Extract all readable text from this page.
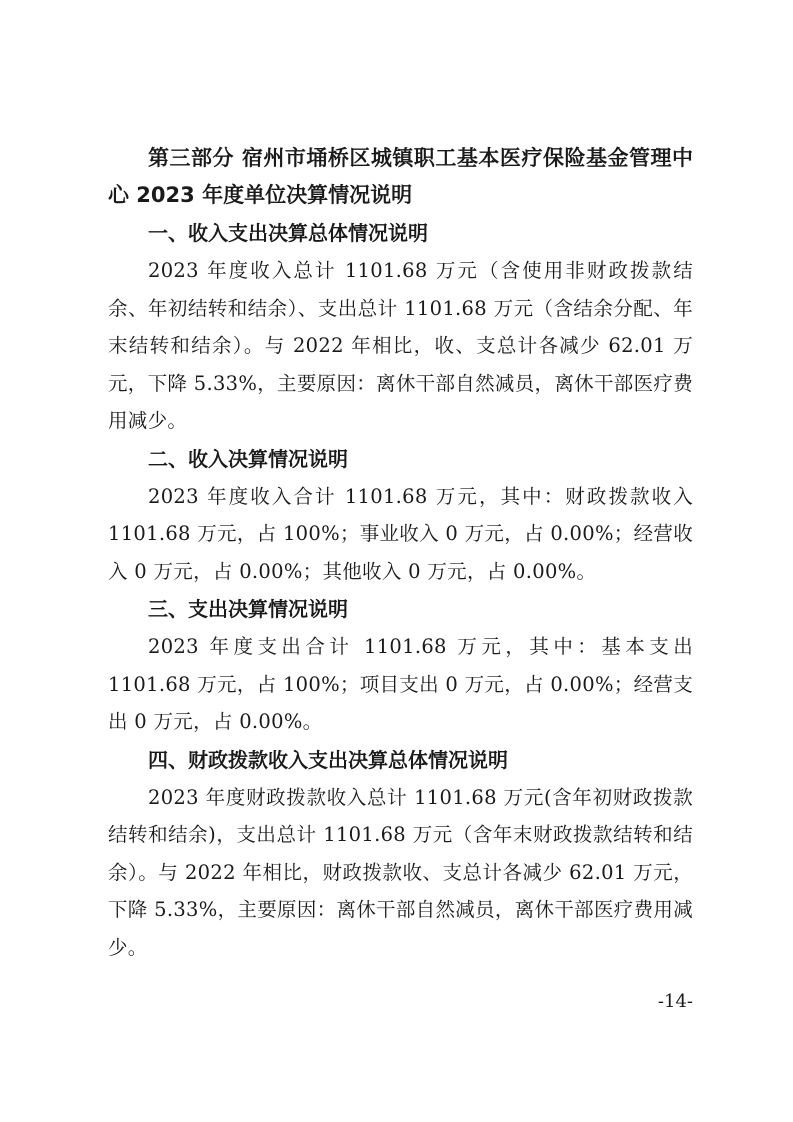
第三部分 宿州市埇桥区城镇职工基本医疗保险基金管理中心 2023 年度单位决算情况说明

一、收入支出决算总体情况说明

2023 年度收入总计 1101.68 万元（含使用非财政拨款结余、年初结转和结余）、支出总计 1101.68 万元（含结余分配、年末结转和结余）。与 2022 年相比，收、支总计各减少 62.01 万元，下降 5.33%，主要原因：离休干部自然减员，离休干部医疗费用减少。

二、收入决算情况说明

2023 年度收入合计 1101.68 万元，其中：财政拨款收入 1101.68 万元，占 100%；事业收入 0 万元，占 0.00%；经营收入 0 万元，占 0.00%；其他收入 0 万元，占 0.00%。

三、支出决算情况说明

2023 年度支出合计 1101.68 万元，其中：基本支出 1101.68 万元，占 100%；项目支出 0 万元，占 0.00%；经营支出 0 万元，占 0.00%。

四、财政拨款收入支出决算总体情况说明

2023 年度财政拨款收入总计 1101.68 万元(含年初财政拨款结转和结余)，支出总计 1101.68 万元（含年末财政拨款结转和结余）。与 2022 年相比，财政拨款收、支总计各减少 62.01 万元，下降 5.33%，主要原因：离休干部自然减员，离休干部医疗费用减少。

-14-
